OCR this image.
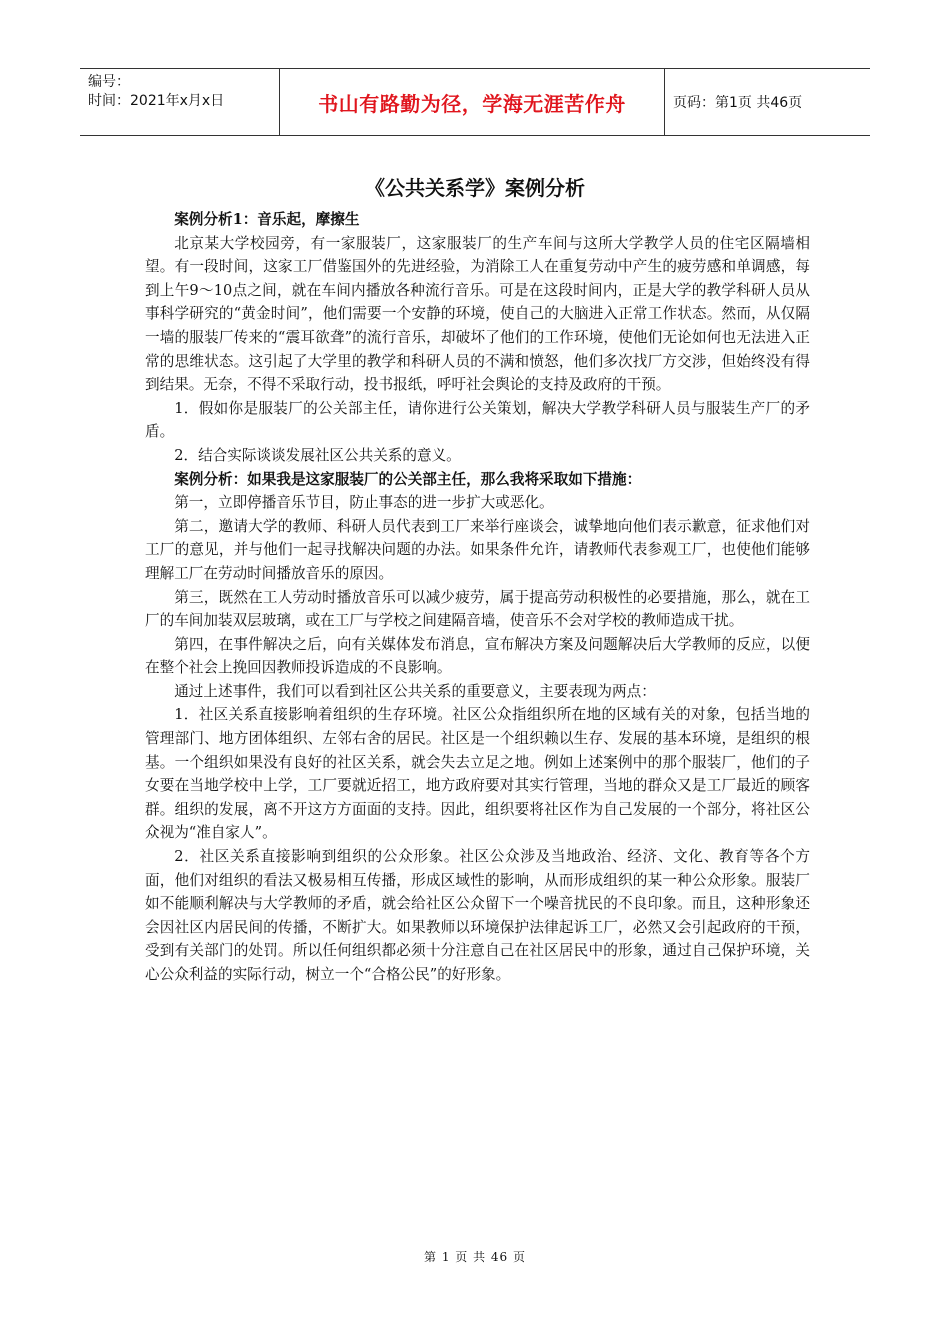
编号：
时间：2021年x月x日	书山有路勤为径，学海无涯苦作舟	页码：第1页 共46页
《公共关系学》案例分析

案例分析1：音乐起，摩擦生

北京某大学校园旁，有一家服装厂，这家服装厂的生产车间与这所大学教学人员的住宅区隔墙相望。有一段时间，这家工厂借鉴国外的先进经验，为消除工人在重复劳动中产生的疲劳感和单调感，每到上午9～10点之间，就在车间内播放各种流行音乐。可是在这段时间内，正是大学的教学科研人员从事科学研究的“黄金时间”，他们需要一个安静的环境，使自己的大脑进入正常工作状态。然而，从仅隔一墙的服装厂传来的“震耳欲聋”的流行音乐，却破坏了他们的工作环境，使他们无论如何也无法进入正常的思维状态。这引起了大学里的教学和科研人员的不满和愤怒，他们多次找厂方交涉，但始终没有得到结果。无奈，不得不采取行动，投书报纸，呼吁社会舆论的支持及政府的干预。

1．假如你是服装厂的公关部主任，请你进行公关策划，解决大学教学科研人员与服装生产厂的矛盾。

2．结合实际谈谈发展社区公共关系的意义。

案例分析：如果我是这家服装厂的公关部主任，那么我将采取如下措施：

第一，立即停播音乐节目，防止事态的进一步扩大或恶化。

第二，邀请大学的教师、科研人员代表到工厂来举行座谈会，诚挚地向他们表示歉意，征求他们对工厂的意见，并与他们一起寻找解决问题的办法。如果条件允许，请教师代表参观工厂，也使他们能够理解工厂在劳动时间播放音乐的原因。

第三，既然在工人劳动时播放音乐可以减少疲劳，属于提高劳动积极性的必要措施，那么，就在工厂的车间加装双层玻璃，或在工厂与学校之间建隔音墙，使音乐不会对学校的教师造成干扰。

第四，在事件解决之后，向有关媒体发布消息，宣布解决方案及问题解决后大学教师的反应，以便在整个社会上挽回因教师投诉造成的不良影响。

通过上述事件，我们可以看到社区公共关系的重要意义，主要表现为两点：

1．社区关系直接影响着组织的生存环境。社区公众指组织所在地的区域有关的对象，包括当地的管理部门、地方团体组织、左邻右舍的居民。社区是一个组织赖以生存、发展的基本环境，是组织的根基。一个组织如果没有良好的社区关系，就会失去立足之地。例如上述案例中的那个服装厂，他们的子女要在当地学校中上学，工厂要就近招工，地方政府要对其实行管理，当地的群众又是工厂最近的顾客群。组织的发展，离不开这方方面面的支持。因此，组织要将社区作为自己发展的一个部分，将社区公众视为“准自家人”。

2．社区关系直接影响到组织的公众形象。社区公众涉及当地政治、经济、文化、教育等各个方面，他们对组织的看法又极易相互传播，形成区域性的影响，从而形成组织的某一种公众形象。服装厂如不能顺利解决与大学教师的矛盾，就会给社区公众留下一个噪音扰民的不良印象。而且，这种形象还会因社区内居民间的传播，不断扩大。如果教师以环境保护法律起诉工厂，必然又会引起政府的干预，受到有关部门的处罚。所以任何组织都必须十分注意自己在社区居民中的形象，通过自己保护环境，关心公众利益的实际行动，树立一个“合格公民”的好形象。

第 1 页 共 46 页
